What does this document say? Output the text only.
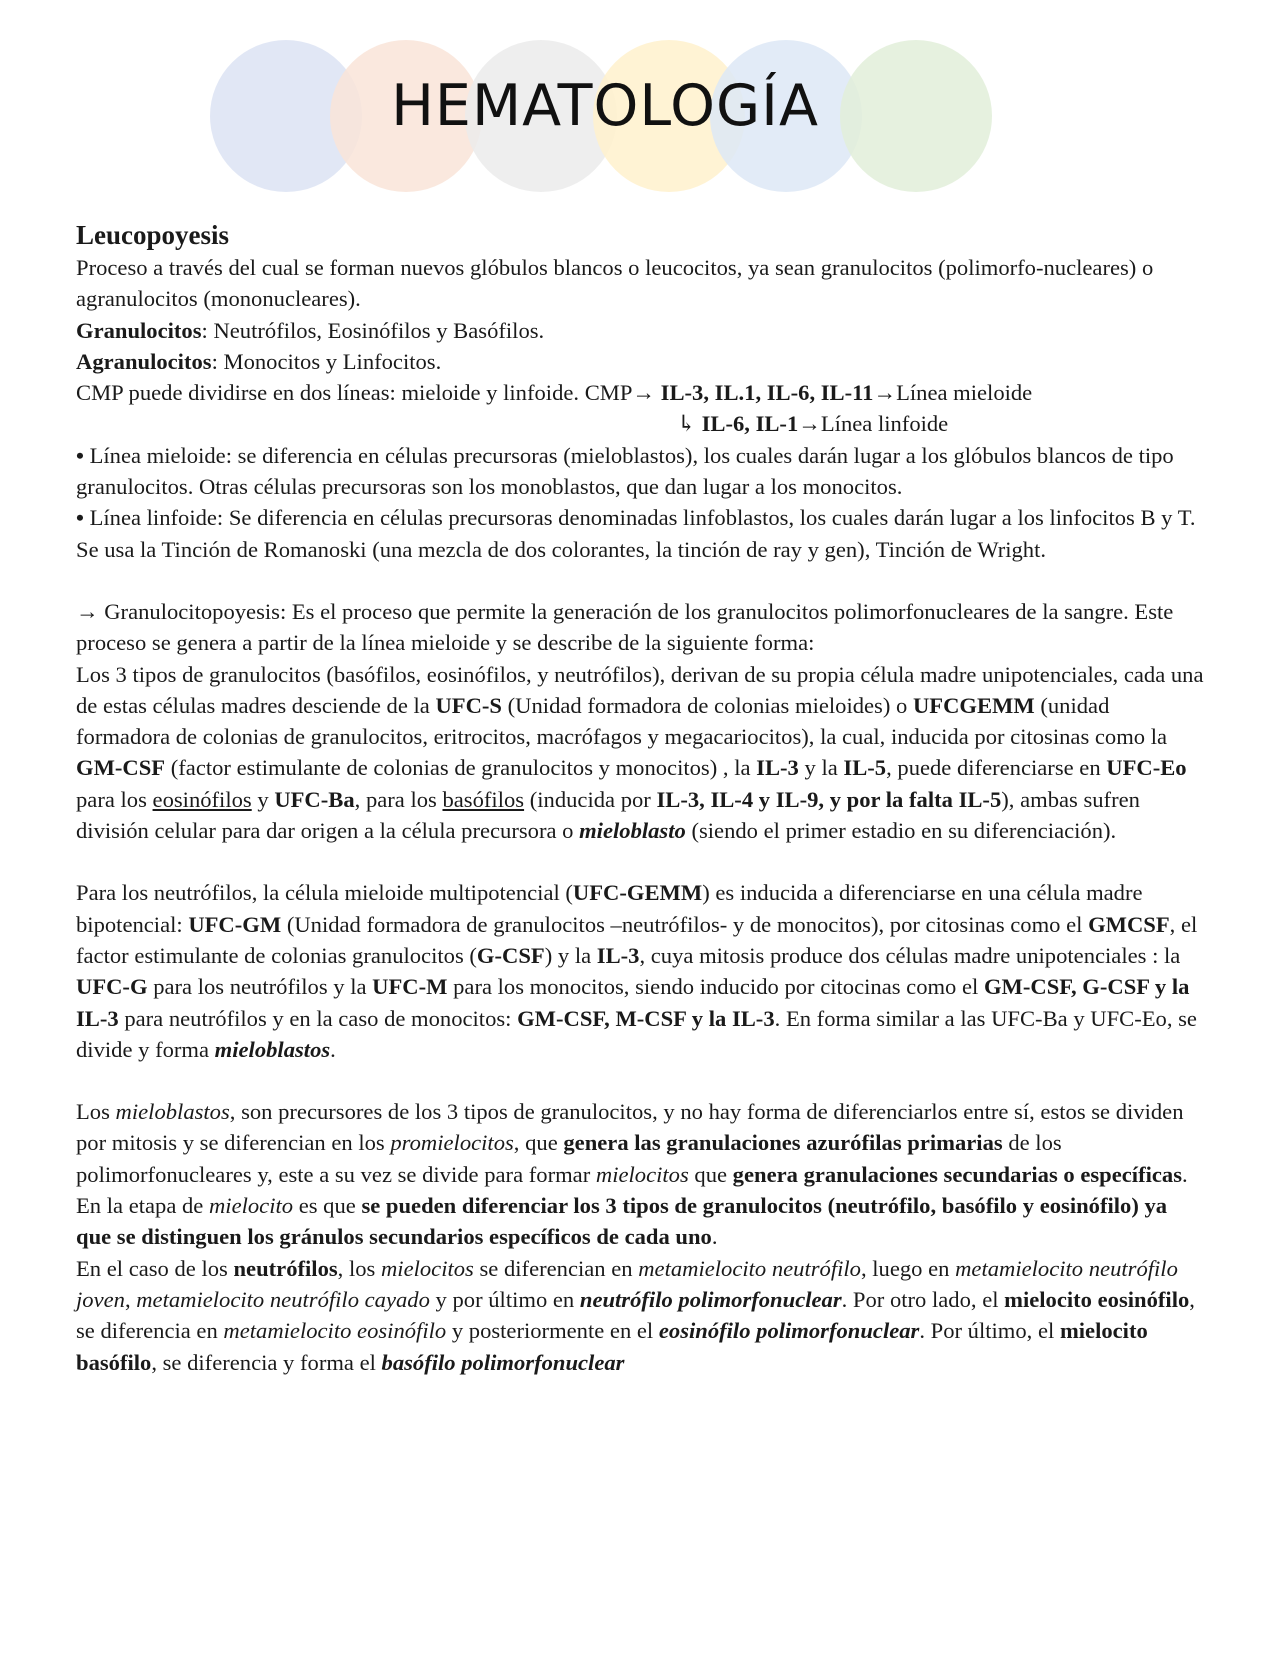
HEMATOLOGÍA
Leucopoyesis

Proceso a través del cual se forman nuevos glóbulos blancos o leucocitos, ya sean granulocitos (polimorfo-nucleares) o agranulocitos (mononucleares).

Granulocitos: Neutrófilos, Eosinófilos y Basófilos.

Agranulocitos: Monocitos y Linfocitos.

CMP puede dividirse en dos líneas: mieloide y linfoide. CMP→ IL-3, IL.1, IL-6, IL-11→Línea mieloide

↳ IL-6, IL-1→Línea linfoide

• Línea mieloide: se diferencia en células precursoras (mieloblastos), los cuales darán lugar a los glóbulos blancos de tipo granulocitos. Otras células precursoras son los monoblastos, que dan lugar a los monocitos.

• Línea linfoide: Se diferencia en células precursoras denominadas linfoblastos, los cuales darán lugar a los linfocitos B y T.

Se usa la Tinción de Romanoski (una mezcla de dos colorantes, la tinción de ray y gen), Tinción de Wright.

→ Granulocitopoyesis: Es el proceso que permite la generación de los granulocitos polimorfonucleares de la sangre. Este proceso se genera a partir de la línea mieloide y se describe de la siguiente forma:

Los 3 tipos de granulocitos (basófilos, eosinófilos, y neutrófilos), derivan de su propia célula madre unipotenciales, cada una de estas células madres desciende de la UFC-S (Unidad formadora de colonias mieloides) o UFCGEMM (unidad formadora de colonias de granulocitos, eritrocitos, macrófagos y megacariocitos), la cual, inducida por citosinas como la GM-CSF (factor estimulante de colonias de granulocitos y monocitos) , la IL-3 y la IL-5, puede diferenciarse en UFC-Eo para los eosinófilos y UFC-Ba, para los basófilos (inducida por IL-3, IL-4 y IL-9, y por la falta IL-5), ambas sufren división celular para dar origen a la célula precursora o mieloblasto (siendo el primer estadio en su diferenciación).

Para los neutrófilos, la célula mieloide multipotencial (UFC-GEMM) es inducida a diferenciarse en una célula madre bipotencial: UFC-GM (Unidad formadora de granulocitos –neutrófilos- y de monocitos), por citosinas como el GMCSF, el factor estimulante de colonias granulocitos (G-CSF) y la IL-3, cuya mitosis produce dos células madre unipotenciales : la UFC-G para los neutrófilos y la UFC-M para los monocitos, siendo inducido por citocinas como el GM-CSF, G-CSF y la IL-3 para neutrófilos y en la caso de monocitos: GM-CSF, M-CSF y la IL-3. En forma similar a las UFC-Ba y UFC-Eo, se divide y forma mieloblastos.

Los mieloblastos, son precursores de los 3 tipos de granulocitos, y no hay forma de diferenciarlos entre sí, estos se dividen por mitosis y se diferencian en los promielocitos, que genera las granulaciones azurófilas primarias de los polimorfonucleares y, este a su vez se divide para formar mielocitos que genera granulaciones secundarias o específicas. En la etapa de mielocito es que se pueden diferenciar los 3 tipos de granulocitos (neutrófilo, basófilo y eosinófilo) ya que se distinguen los gránulos secundarios específicos de cada uno.

En el caso de los neutrófilos, los mielocitos se diferencian en metamielocito neutrófilo, luego en metamielocito neutrófilo joven, metamielocito neutrófilo cayado y por último en neutrófilo polimorfonuclear. Por otro lado, el mielocito eosinófilo, se diferencia en metamielocito eosinófilo y posteriormente en el eosinófilo polimorfonuclear. Por último, el mielocito basófilo, se diferencia y forma el basófilo polimorfonuclear
